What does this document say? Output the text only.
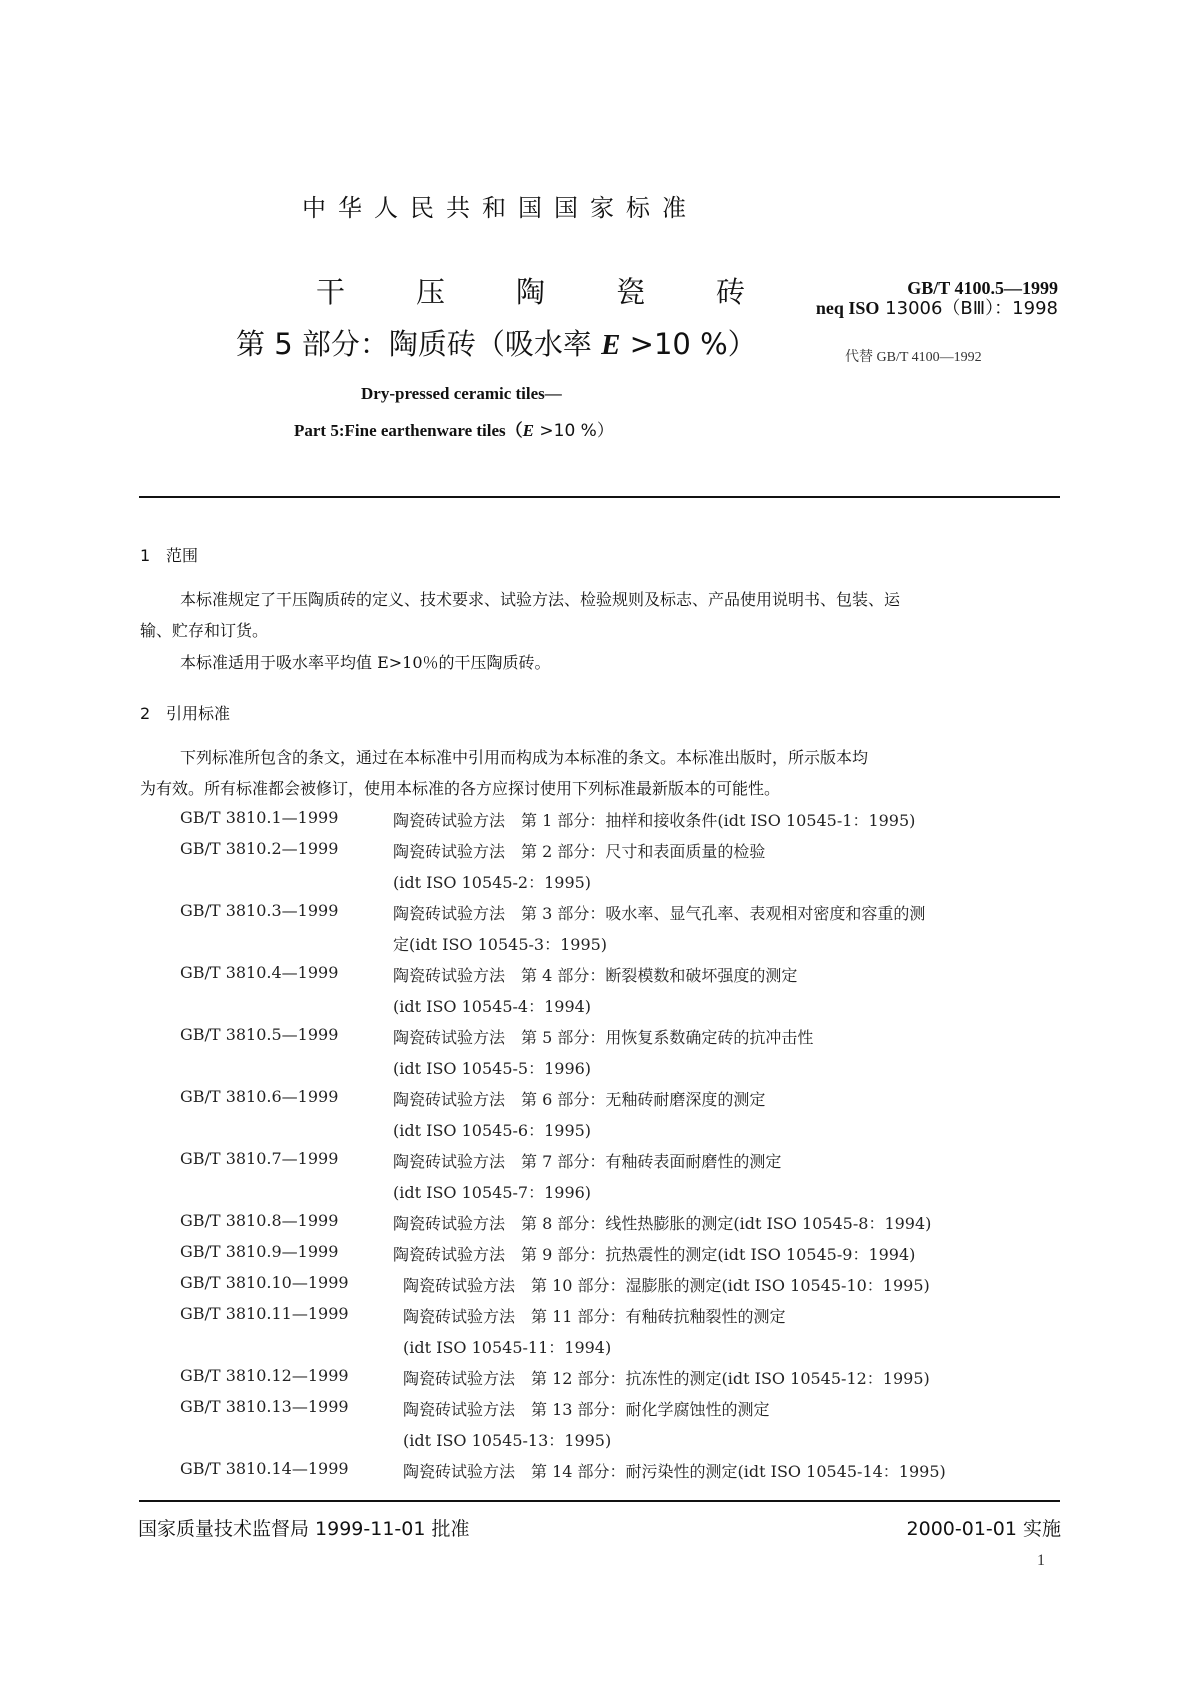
中华人民共和国国家标准
干 压 陶 瓷 砖
第 5 部分：陶质砖（吸水率 E >10 %）
GB/T 4100.5—1999
neq ISO 13006（BⅢ）：1998
代替 GB/T 4100—1992
Dry-pressed ceramic tiles—
Part 5:Fine earthenware tiles（E >10 %）
1 范围
本标准规定了干压陶质砖的定义、技术要求、试验方法、检验规则及标志、产品使用说明书、包装、运
输、贮存和订货。
本标准适用于吸水率平均值 E>10％的干压陶质砖。
2 引用标准
下列标准所包含的条文，通过在本标准中引用而构成为本标准的条文。本标准出版时，所示版本均
为有效。所有标准都会被修订，使用本标准的各方应探讨使用下列标准最新版本的可能性。
GB/T 3810.1—1999	陶瓷砖试验方法　第 1 部分：抽样和接收条件(idt ISO 10545-1：1995)
GB/T 3810.2—1999	陶瓷砖试验方法　第 2 部分：尺寸和表面质量的检验
(idt ISO 10545-2：1995)
GB/T 3810.3—1999	陶瓷砖试验方法　第 3 部分：吸水率、显气孔率、表观相对密度和容重的测
定(idt ISO 10545-3：1995)
GB/T 3810.4—1999	陶瓷砖试验方法　第 4 部分：断裂模数和破坏强度的测定
(idt ISO 10545-4：1994)
GB/T 3810.5—1999	陶瓷砖试验方法　第 5 部分：用恢复系数确定砖的抗冲击性
(idt ISO 10545-5：1996)
GB/T 3810.6—1999	陶瓷砖试验方法　第 6 部分：无釉砖耐磨深度的测定
(idt ISO 10545-6：1995)
GB/T 3810.7—1999	陶瓷砖试验方法　第 7 部分：有釉砖表面耐磨性的测定
(idt ISO 10545-7：1996)
GB/T 3810.8—1999	陶瓷砖试验方法　第 8 部分：线性热膨胀的测定(idt ISO 10545-8：1994)
GB/T 3810.9—1999	陶瓷砖试验方法　第 9 部分：抗热震性的测定(idt ISO 10545-9：1994)
GB/T 3810.10—1999	陶瓷砖试验方法　第 10 部分：湿膨胀的测定(idt ISO 10545-10：1995)
GB/T 3810.11—1999	陶瓷砖试验方法　第 11 部分：有釉砖抗釉裂性的测定
(idt ISO 10545-11：1994)
GB/T 3810.12—1999	陶瓷砖试验方法　第 12 部分：抗冻性的测定(idt ISO 10545-12：1995)
GB/T 3810.13—1999	陶瓷砖试验方法　第 13 部分：耐化学腐蚀性的测定
(idt ISO 10545-13：1995)
GB/T 3810.14—1999	陶瓷砖试验方法　第 14 部分：耐污染性的测定(idt ISO 10545-14：1995)
国家质量技术监督局 1999-11-01 批准	2000-01-01 实施
1
